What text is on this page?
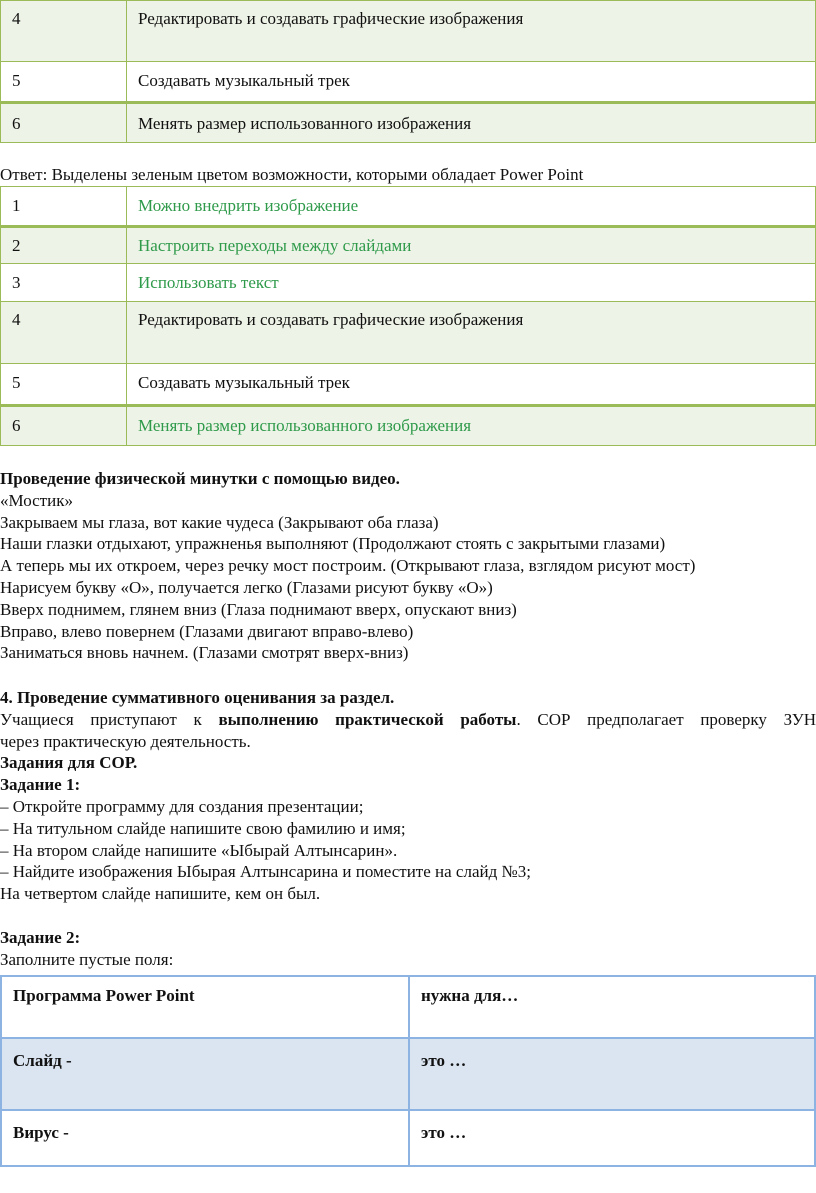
4	Редактировать и создавать графические изображения
5	Создавать музыкальный трек
6	Менять размер использованного изображения
Ответ: Выделены зеленым цветом возможности, которыми обладает Power Point
1	Можно внедрить изображение
2	Настроить переходы между слайдами
3	Использовать текст
4	Редактировать и создавать графические изображения
5	Создавать музыкальный трек
6	Менять размер использованного изображения

Проведение физической минутки с помощью видео.

«Мостик»

Закрываем мы глаза, вот какие чудеса (Закрывают оба глаза)

Наши глазки отдыхают, упражненья выполняют (Продолжают стоять с закрытыми глазами)

А теперь мы их откроем, через речку мост построим. (Открывают глаза, взглядом рисуют мост)

Нарисуем букву «О», получается легко (Глазами рисуют букву «О»)

Вверх поднимем, глянем вниз (Глаза поднимают вверх, опускают вниз)

Вправо, влево повернем (Глазами двигают вправо-влево)

Заниматься вновь начнем. (Глазами смотрят вверх-вниз)

4. Проведение суммативного оценивания за раздел.

Учащиеся приступают к выполнению практической работы. СОР предполагает проверку ЗУН

через практическую деятельность.

Задания для СОР.

Задание 1:

– Откройте программу для создания презентации;

– На титульном слайде напишите свою фамилию и имя;

– На втором слайде напишите «Ыбырай Алтынсарин».

– Найдите изображения Ыбырая Алтынсарина и поместите на слайд №3;

На четвертом слайде напишите, кем он был.

Задание 2:

Заполните пустые поля:

Программа Power Point	нужна для…
Слайд -	это …
Вирус -	это …
